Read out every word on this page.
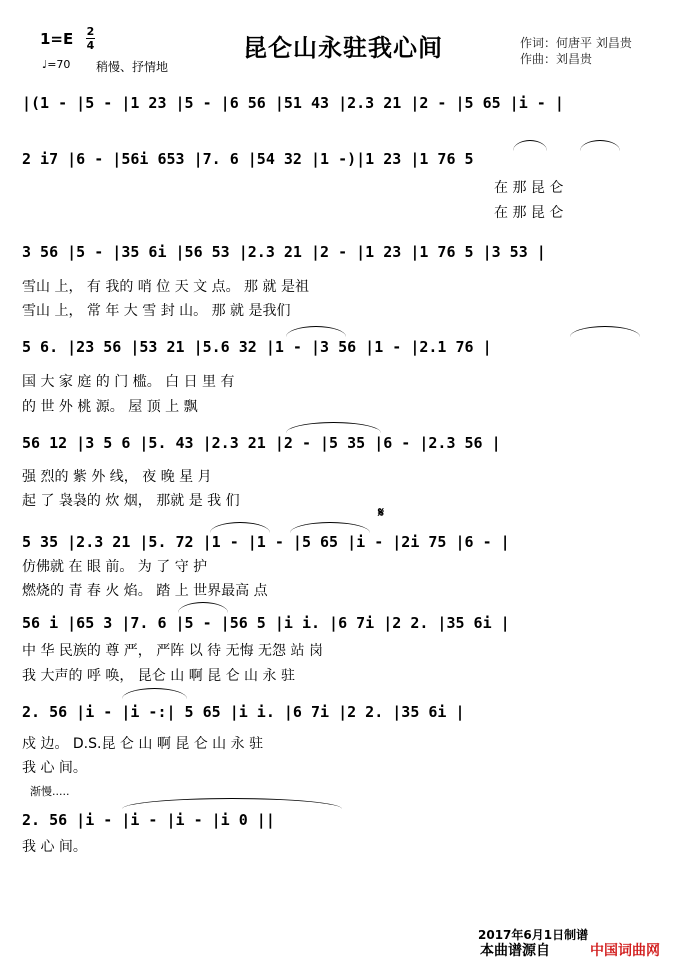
1=E 2
4	昆仑山永驻我心间
♩=70 稍慢、抒情地
作词：何唐平 刘昌贵
作曲：刘昌贵
|(1 - |5 - |1 23 |5 - |6 56 |51 43 |2.3 21 |2 - |5 65 |i - |
2 i7 |6 - |56i 653 |7. 6 |54 32 |1 -)|1 23 |1 76 5
在 那 昆 仑
在 那 昆 仑
3 56 |5 - |35 6i |56 53 |2.3 21 |2 - |1 23 |1 76 5 |3 53 |
雪山 上， 有 我的 哨 位 天 文 点。 那 就 是祖
雪山 上， 常 年 大 雪 封 山。 那 就 是我们
5 6. |23 56 |53 21 |5.6 32 |1 - |3 56 |1 - |2.1 76 |
国 大 家 庭 的 门 槛。 白 日 里 有
的 世 外 桃 源。 屋 顶 上 飘
56 12 |3 5 6 |5. 43 |2.3 21 |2 - |5 35 |6 - |2.3 56 |
强 烈的 紫 外 线， 夜 晚 星 月
起 了 袅袅的 炊 烟， 那就 是 我 们
𝄋
5 35 |2.3 21 |5. 72 |1 - |1 - |5 65 |i - |2i 75 |6 - |
仿佛就 在 眼 前。 为 了 守 护
燃烧的 青 春 火 焰。 踏 上 世界最高 点
56 i |65 3 |7. 6 |5 - |56 5 |i i. |6 7i |2 2. |35 6i |
中 华 民族的 尊 严， 严阵 以 待 无悔 无怨 站 岗
我 大声的 呼 唤， 昆仑 山 啊 昆 仑 山 永 驻
2. 56 |i - |i -:| 5 65 |i i. |6 7i |2 2. |35 6i |
戍 边。 D.S.昆 仑 山 啊 昆 仑 山 永 驻
我 心 间。
渐慢.....
2. 56 |i - |i - |i - |i 0 ||
我 心 间。
2017年6月1日制谱
本曲谱源自	中国词曲网
